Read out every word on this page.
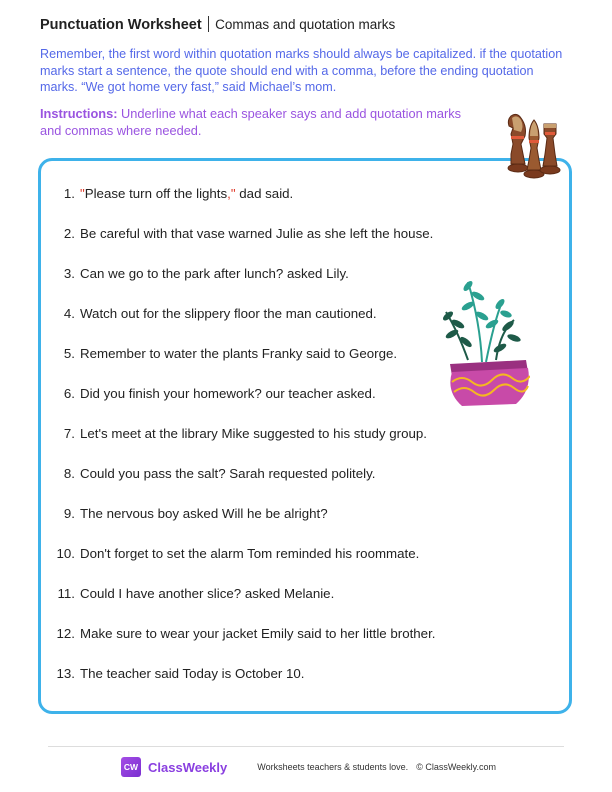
Punctuation Worksheet Commas and quotation marks
Remember, the first word within quotation marks should always be capitalized. if the quotation marks start a sentence, the quote should end with a comma, before the ending quotation marks. “We got home very fast,” said Michael’s mom.
Instructions: Underline what each speaker says and add quotation marks and commas where needed.
1. "Please turn off the lights," dad said.
2. Be careful with that vase warned Julie as she left the house.
3. Can we go to the park after lunch? asked Lily.
4. Watch out for the slippery floor the man cautioned.
5. Remember to water the plants Franky said to George.
6. Did you finish your homework? our teacher asked.
7. Let's meet at the library Mike suggested to his study group.
8. Could you pass the salt? Sarah requested politely.
9. The nervous boy asked Will he be alright?
10. Don't forget to set the alarm Tom reminded his roommate.
11. Could I have another slice? asked Melanie.
12. Make sure to wear your jacket Emily said to her little brother.
13. The teacher said Today is October 10.
CW ClassWeekly	Worksheets teachers & students love. © ClassWeekly.com
